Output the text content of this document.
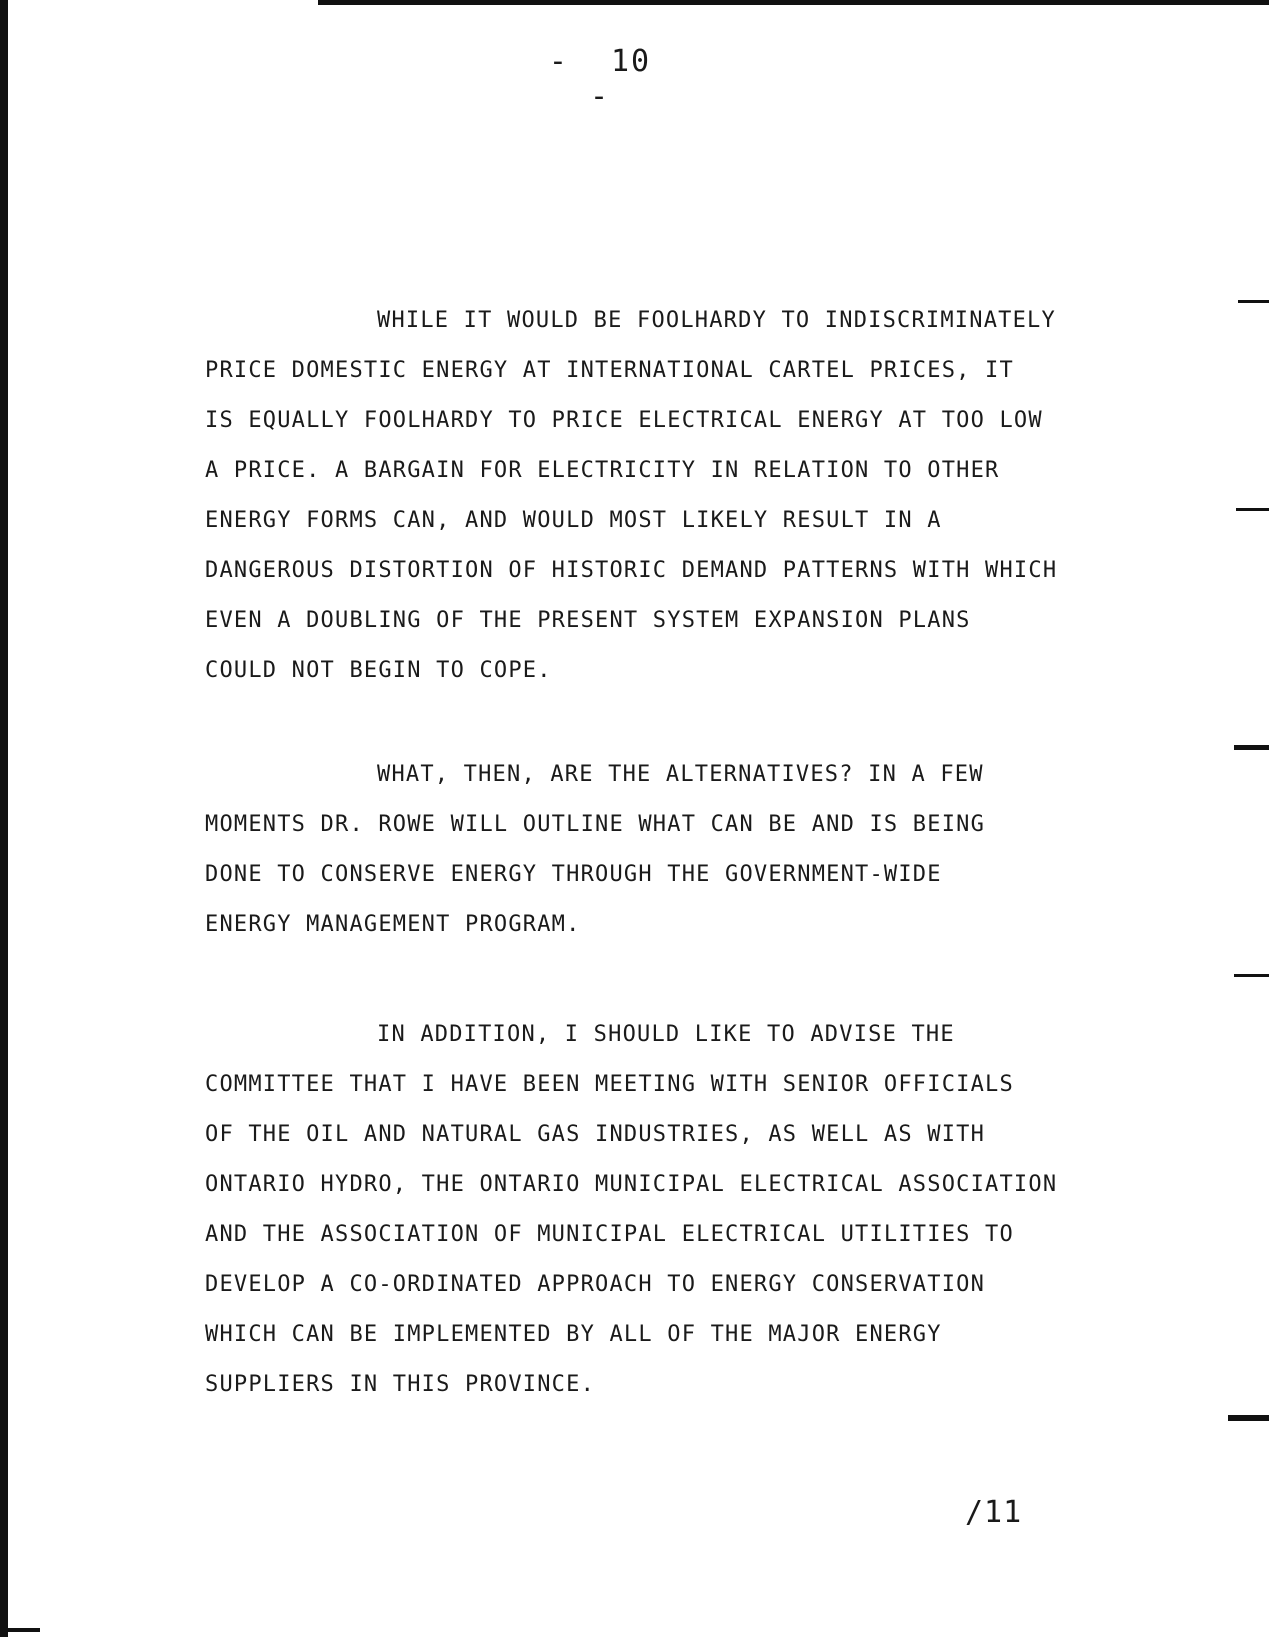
- 10 -

WHILE IT WOULD BE FOOLHARDY TO INDISCRIMINATELY
PRICE DOMESTIC ENERGY AT INTERNATIONAL CARTEL PRICES, IT
IS EQUALLY FOOLHARDY TO PRICE ELECTRICAL ENERGY AT TOO LOW
A PRICE. A BARGAIN FOR ELECTRICITY IN RELATION TO OTHER
ENERGY FORMS CAN, AND WOULD MOST LIKELY RESULT IN A
DANGEROUS DISTORTION OF HISTORIC DEMAND PATTERNS WITH WHICH
EVEN A DOUBLING OF THE PRESENT SYSTEM EXPANSION PLANS
COULD NOT BEGIN TO COPE.

WHAT, THEN, ARE THE ALTERNATIVES? IN A FEW
MOMENTS DR. ROWE WILL OUTLINE WHAT CAN BE AND IS BEING
DONE TO CONSERVE ENERGY THROUGH THE GOVERNMENT-WIDE
ENERGY MANAGEMENT PROGRAM.

IN ADDITION, I SHOULD LIKE TO ADVISE THE
COMMITTEE THAT I HAVE BEEN MEETING WITH SENIOR OFFICIALS
OF THE OIL AND NATURAL GAS INDUSTRIES, AS WELL AS WITH
ONTARIO HYDRO, THE ONTARIO MUNICIPAL ELECTRICAL ASSOCIATION
AND THE ASSOCIATION OF MUNICIPAL ELECTRICAL UTILITIES TO
DEVELOP A CO-ORDINATED APPROACH TO ENERGY CONSERVATION
WHICH CAN BE IMPLEMENTED BY ALL OF THE MAJOR ENERGY
SUPPLIERS IN THIS PROVINCE.

/11
